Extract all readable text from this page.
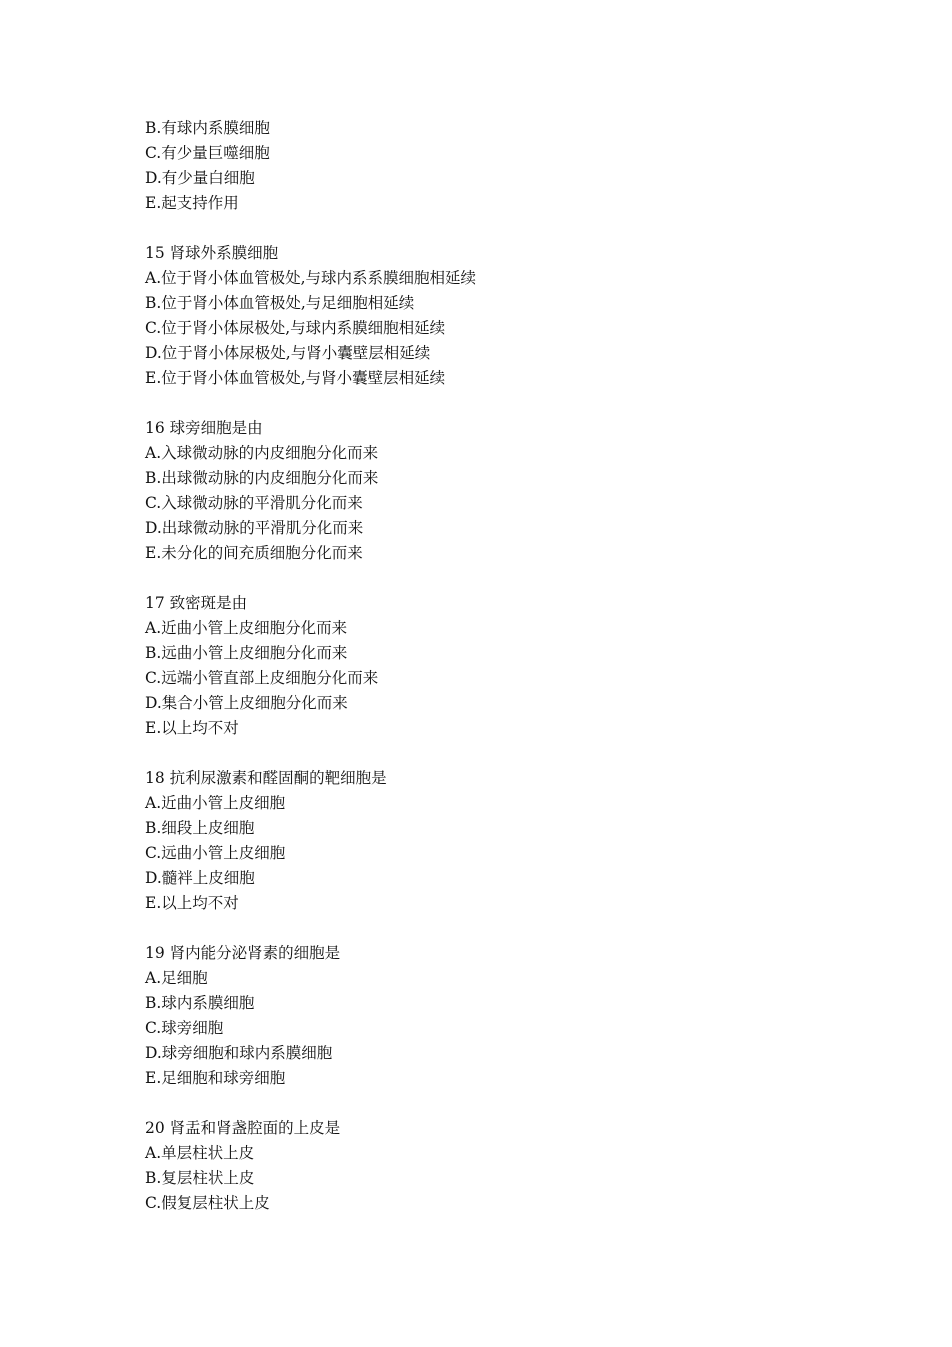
B.有球内系膜细胞
C.有少量巨噬细胞
D.有少量白细胞
E.起支持作用
15 肾球外系膜细胞
A.位于肾小体血管极处,与球内系系膜细胞相延续
B.位于肾小体血管极处,与足细胞相延续
C.位于肾小体尿极处,与球内系膜细胞相延续
D.位于肾小体尿极处,与肾小囊壁层相延续
E.位于肾小体血管极处,与肾小囊壁层相延续
16 球旁细胞是由
A.入球微动脉的内皮细胞分化而来
B.出球微动脉的内皮细胞分化而来
C.入球微动脉的平滑肌分化而来
D.出球微动脉的平滑肌分化而来
E.未分化的间充质细胞分化而来
17 致密斑是由
A.近曲小管上皮细胞分化而来
B.远曲小管上皮细胞分化而来
C.远端小管直部上皮细胞分化而来
D.集合小管上皮细胞分化而来
E.以上均不对
18 抗利尿激素和醛固酮的靶细胞是
A.近曲小管上皮细胞
B.细段上皮细胞
C.远曲小管上皮细胞
D.髓袢上皮细胞
E.以上均不对
19 肾内能分泌肾素的细胞是
A.足细胞
B.球内系膜细胞
C.球旁细胞
D.球旁细胞和球内系膜细胞
E.足细胞和球旁细胞
20 肾盂和肾盏腔面的上皮是
A.单层柱状上皮
B.复层柱状上皮
C.假复层柱状上皮
